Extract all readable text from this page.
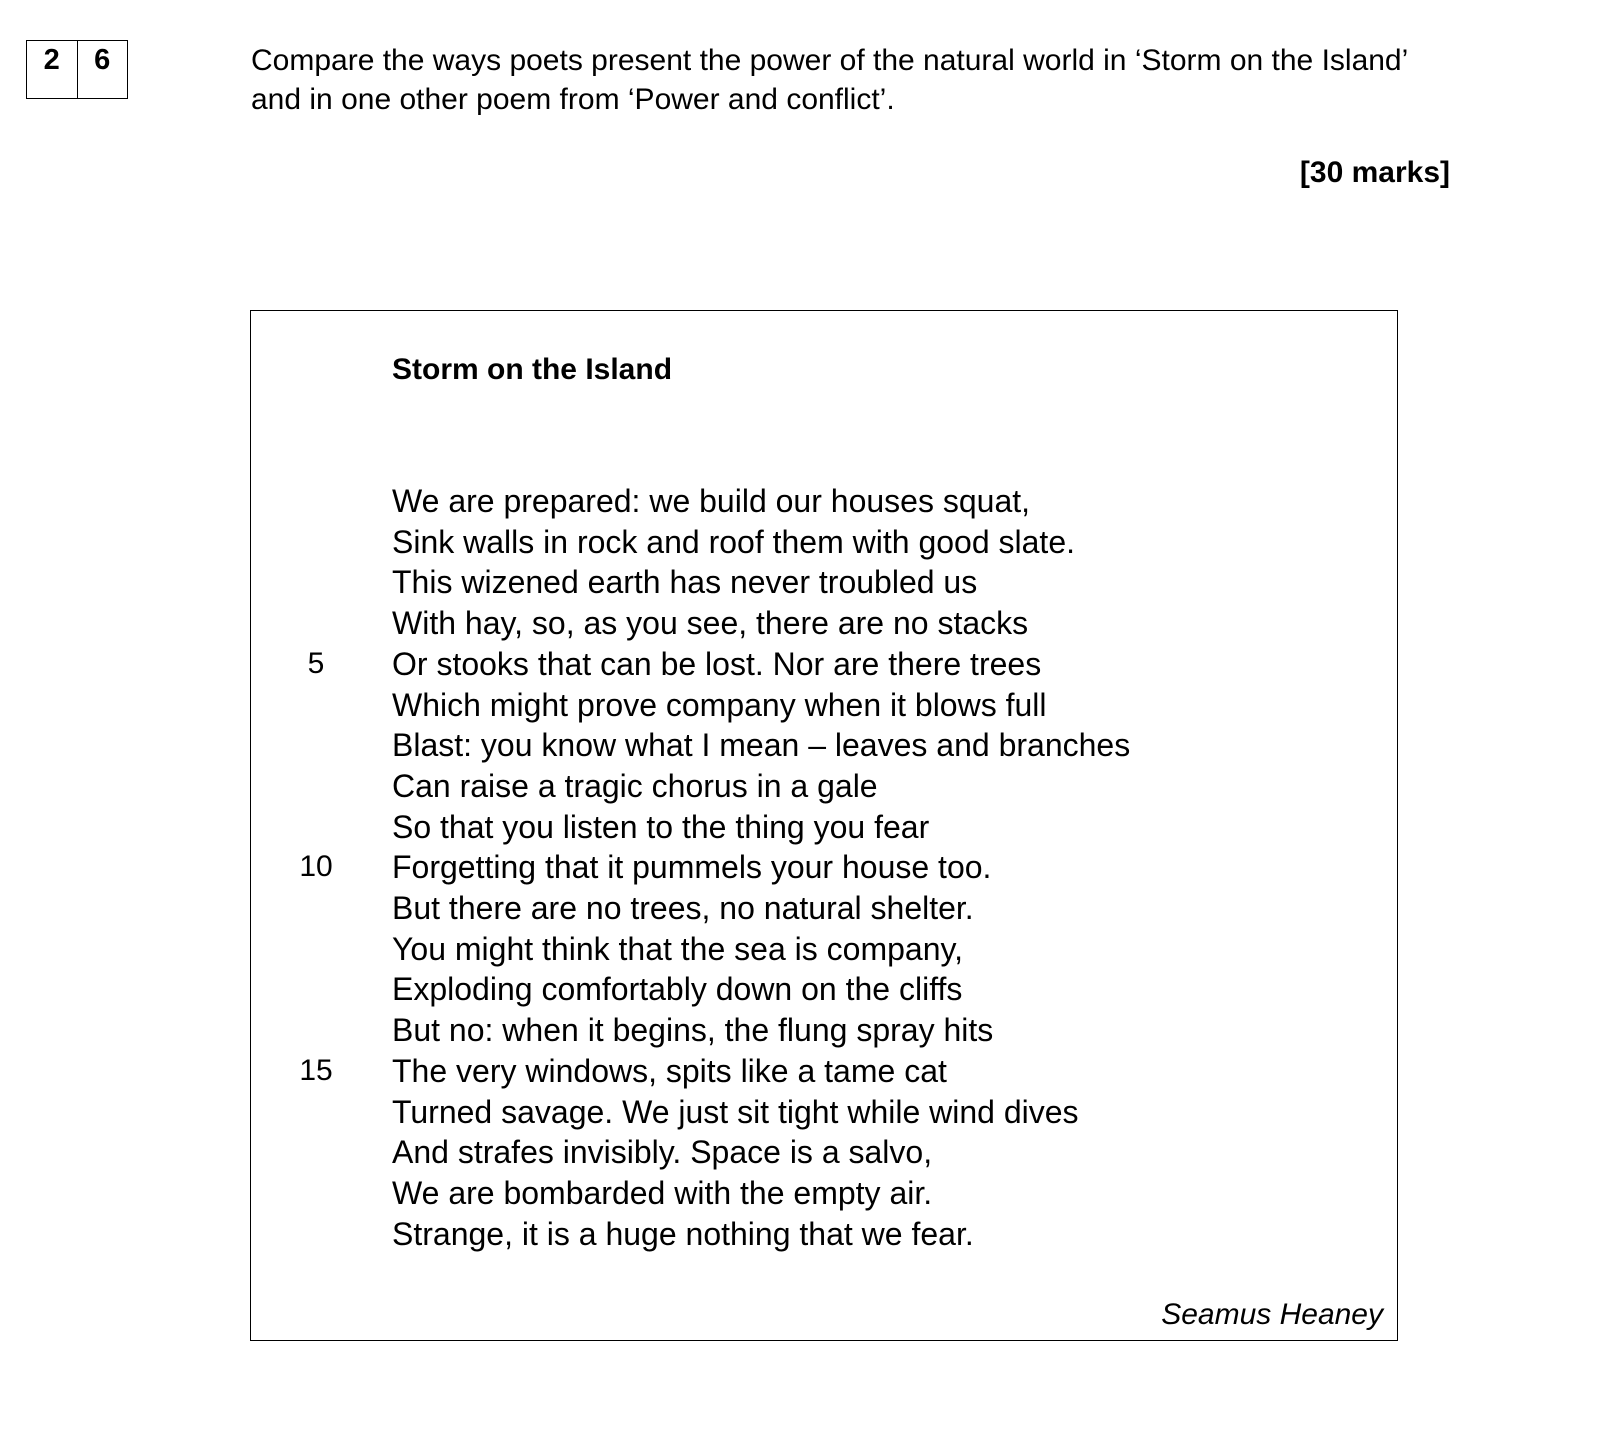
2	6	Compare the ways poets present the power of the natural world in ‘Storm on the Island’ and in one other poem from ‘Power and conflict’.

[30 marks]
Storm on the Island
We are prepared: we build our houses squat,
Sink walls in rock and roof them with good slate.
This wizened earth has never troubled us
With hay, so, as you see, there are no stacks
5	Or stooks that can be lost. Nor are there trees
Which might prove company when it blows full
Blast: you know what I mean – leaves and branches
Can raise a tragic chorus in a gale
So that you listen to the thing you fear
10 Forgetting that it pummels your house too.
But there are no trees, no natural shelter.
You might think that the sea is company,
Exploding comfortably down on the cliffs
But no: when it begins, the flung spray hits
15 The very windows, spits like a tame cat
Turned savage. We just sit tight while wind dives
And strafes invisibly. Space is a salvo,
We are bombarded with the empty air.
Strange, it is a huge nothing that we fear.
Seamus Heaney
